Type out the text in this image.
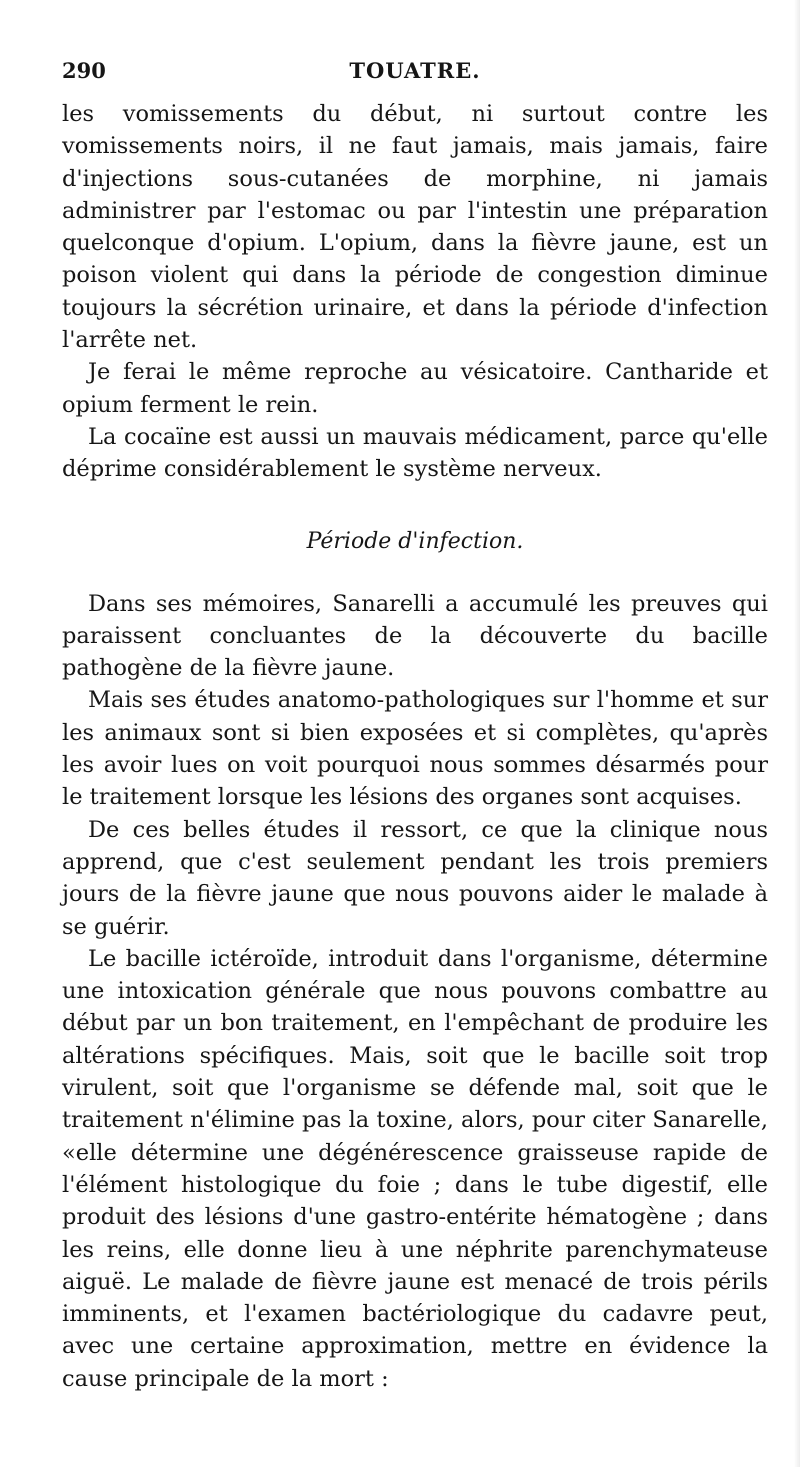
290	TOUATRE.

les vomissements du début, ni surtout contre les vomissements noirs, il ne faut jamais, mais jamais, faire d'injections sous-cutanées de morphine, ni jamais administrer par l'estomac ou par l'intestin une préparation quelconque d'opium. L'opium, dans la fièvre jaune, est un poison violent qui dans la période de congestion diminue toujours la sécrétion urinaire, et dans la période d'infection l'arrête net.

Je ferai le même reproche au vésicatoire. Cantharide et opium ferment le rein.

La cocaïne est aussi un mauvais médicament, parce qu'elle déprime considérablement le système nerveux.

Période d'infection.

Dans ses mémoires, Sanarelli a accumulé les preuves qui paraissent concluantes de la découverte du bacille pathogène de la fièvre jaune.

Mais ses études anatomo-pathologiques sur l'homme et sur les animaux sont si bien exposées et si complètes, qu'après les avoir lues on voit pourquoi nous sommes désarmés pour le traitement lorsque les lésions des organes sont acquises.

De ces belles études il ressort, ce que la clinique nous apprend, que c'est seulement pendant les trois premiers jours de la fièvre jaune que nous pouvons aider le malade à se guérir.

Le bacille ictéroïde, introduit dans l'organisme, détermine une intoxication générale que nous pouvons combattre au début par un bon traitement, en l'empêchant de produire les altérations spécifiques. Mais, soit que le bacille soit trop virulent, soit que l'organisme se défende mal, soit que le traitement n'élimine pas la toxine, alors, pour citer Sanarelle, «elle détermine une dégénérescence graisseuse rapide de l'élément histologique du foie ; dans le tube digestif, elle produit des lésions d'une gastro-entérite hématogène ; dans les reins, elle donne lieu à une néphrite parenchymateuse aiguë. Le malade de fièvre jaune est menacé de trois périls imminents, et l'examen bactériologique du cadavre peut, avec une certaine approximation, mettre en évidence la cause principale de la mort :
